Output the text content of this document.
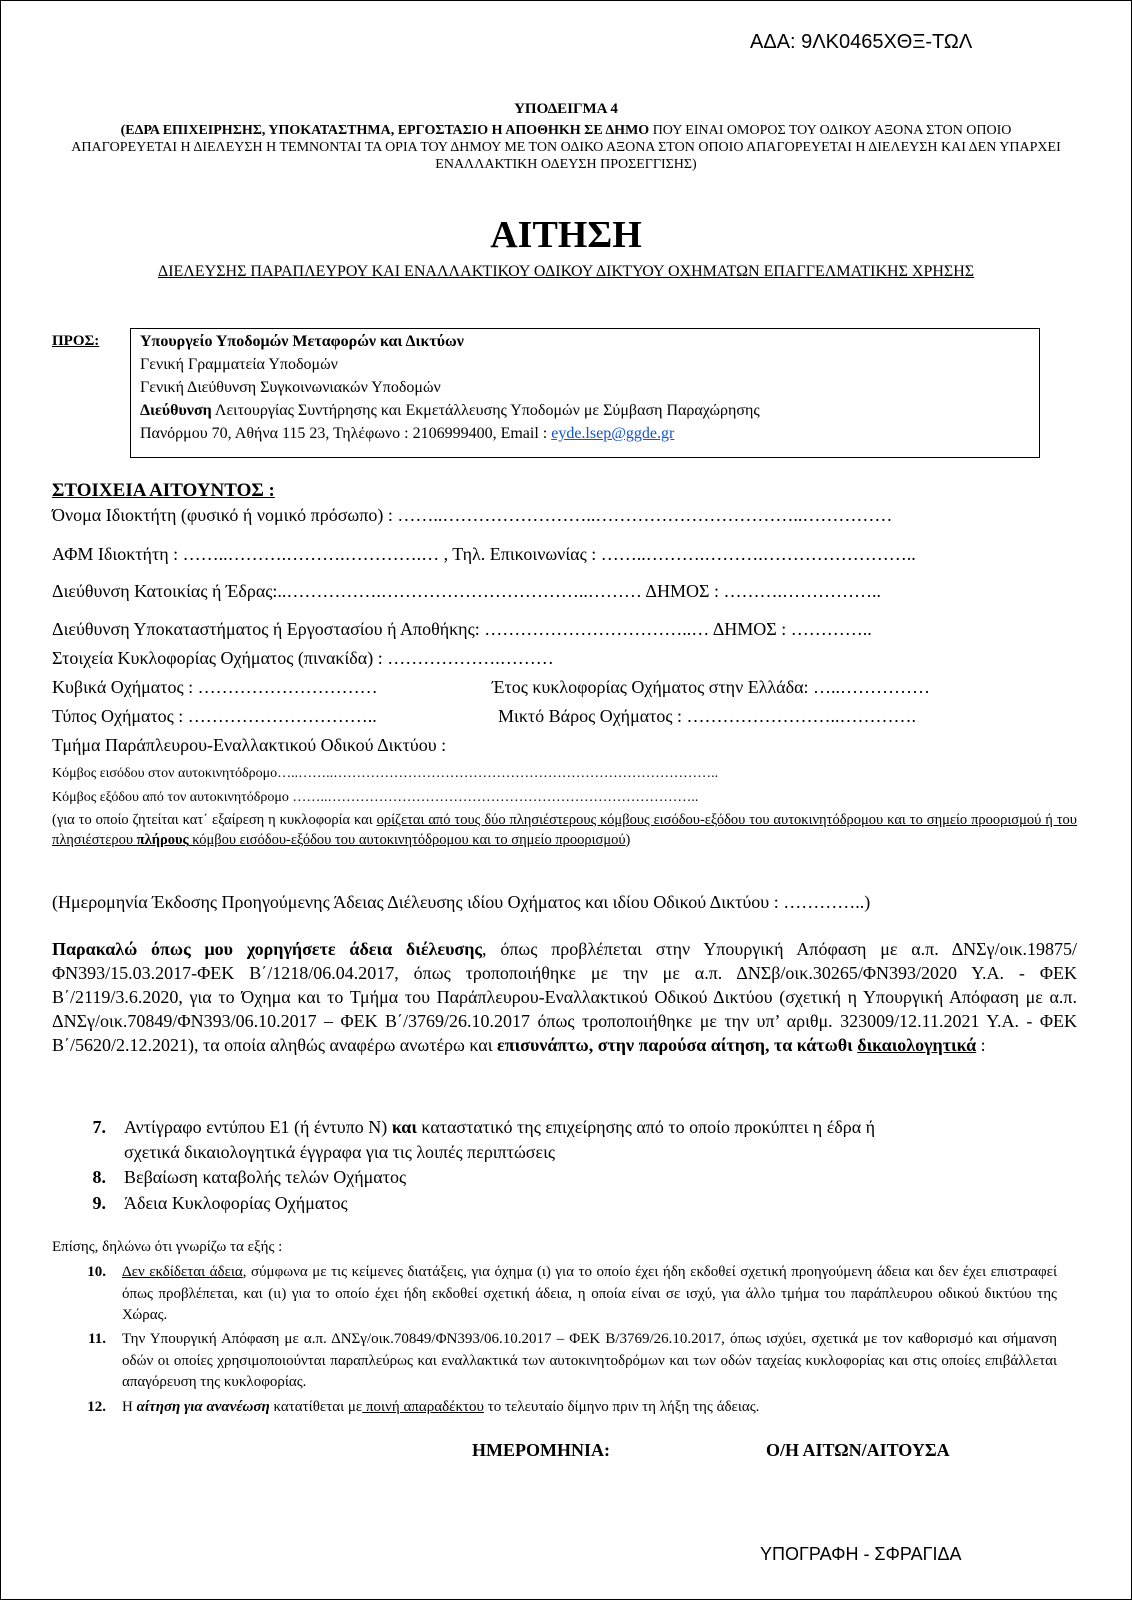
ΑΔΑ: 9ΛΚ0465ΧΘΞ-ΤΩΛ
ΥΠΟΔΕΙΓΜΑ 4
(ΕΔΡΑ ΕΠΙΧΕΙΡΗΣΗΣ, ΥΠΟΚΑΤΑΣΤΗΜΑ, ΕΡΓΟΣΤΑΣΙΟ Η ΑΠΟΘΗΚΗ ΣΕ ΔΗΜΟ ΠΟΥ ΕΙΝΑΙ ΟΜΟΡΟΣ ΤΟΥ ΟΔΙΚΟΥ ΑΞΟΝΑ ΣΤΟΝ ΟΠΟΙΟ ΑΠΑΓΟΡΕΥΕΤΑΙ Η ΔΙΕΛΕΥΣΗ Η ΤΕΜΝΟΝΤΑΙ ΤΑ ΟΡΙΑ ΤΟΥ ΔΗΜΟΥ ΜΕ ΤΟΝ ΟΔΙΚΟ ΑΞΟΝΑ ΣΤΟΝ ΟΠΟΙΟ ΑΠΑΓΟΡΕΥΕΤΑΙ Η ΔΙΕΛΕΥΣΗ ΚΑΙ ΔΕΝ ΥΠΑΡΧΕΙ ΕΝΑΛΛΑΚΤΙΚΗ ΟΔΕΥΣΗ ΠΡΟΣΕΓΓΙΣΗΣ)
ΑΙΤΗΣΗ
ΔΙΕΛΕΥΣΗΣ ΠΑΡΑΠΛΕΥΡΟΥ ΚΑΙ ΕΝΑΛΛΑΚΤΙΚΟΥ ΟΔΙΚΟΥ ΔΙΚΤΥΟΥ ΟΧΗΜΑΤΩΝ ΕΠΑΓΓΕΛΜΑΤΙΚΗΣ ΧΡΗΣΗΣ
ΠΡΟΣ:	Υπουργείο Υποδομών Μεταφορών και Δικτύων
Γενική Γραμματεία Υποδομών
Γενική Διεύθυνση Συγκοινωνιακών Υποδομών
Διεύθυνση Λειτουργίας Συντήρησης και Εκμετάλλευσης Υποδομών με Σύμβαση Παραχώρησης
Πανόρμου 70, Αθήνα 115 23, Τηλέφωνο : 2106999400, Email : eyde.lsep@ggde.gr
ΣΤΟΙΧΕΙΑ ΑΙΤΟΥΝΤΟΣ :
Όνομα Ιδιοκτήτη (φυσικό ή νομικό πρόσωπο) : ……..……………………..……………………………..……………
ΑΦΜ Ιδιοκτήτη : ……..……….……….………….… , Τηλ. Επικοινωνίας : ……..……….……….……………………..
Διεύθυνση Κατοικίας ή Έδρας:..…………….……………………………..……… ΔΗΜΟΣ : ……….……………..
Διεύθυνση Υποκαταστήματος ή Εργοστασίου ή Αποθήκης: ……………………………..… ΔΗΜΟΣ : …………..
Στοιχεία Κυκλοφορίας Οχήματος (πινακίδα) : ……………….………
Κυβικά Οχήματος : …………………………	Έτος κυκλοφορίας Οχήματος στην Ελλάδα: …..……………
Τύπος Οχήματος : …………………………..	Μικτό Βάρος Οχήματος : ……………………..………….
Τμήμα Παράπλευρου-Εναλλακτικού Οδικού Δικτύου :
Κόμβος εισόδου στον αυτοκινητόδρομο…..……..………………………………………………………………………..
Κόμβος εξόδου από τον αυτοκινητόδρομο ……..……………………………………………………………………..
(για το οποίο ζητείται κατ΄ εξαίρεση η κυκλοφορία και ορίζεται από τους δύο πλησιέστερους κόμβους εισόδου-εξόδου του αυτοκινητόδρομου και το σημείο προορισμού ή του πλησιέστερου πλήρους κόμβου εισόδου-εξόδου του αυτοκινητόδρομου και το σημείο προορισμού)
(Ημερομηνία Έκδοσης Προηγούμενης Άδειας Διέλευσης ιδίου Οχήματος και ιδίου Οδικού Δικτύου : …………..)
Παρακαλώ όπως μου χορηγήσετε άδεια διέλευσης, όπως προβλέπεται στην Υπουργική Απόφαση με α.π. ΔΝΣγ/οικ.19875/ΦΝ393/15.03.2017-ΦΕΚ Β΄/1218/06.04.2017, όπως τροποποιήθηκε με την με α.π. ΔΝΣβ/οικ.30265/ΦΝ393/2020 Υ.Α. - ΦΕΚ Β΄/2119/3.6.2020, για το Όχημα και το Τμήμα του Παράπλευρου-Εναλλακτικού Οδικού Δικτύου (σχετική η Υπουργική Απόφαση με α.π. ΔΝΣγ/οικ.70849/ΦΝ393/06.10.2017 – ΦΕΚ Β΄/3769/26.10.2017 όπως τροποποιήθηκε με την υπ’ αριθμ. 323009/12.11.2021 Υ.Α. - ΦΕΚ Β΄/5620/2.12.2021), τα οποία αληθώς αναφέρω ανωτέρω και επισυνάπτω, στην παρούσα αίτηση, τα κάτωθι δικαιολογητικά :
7. Αντίγραφο εντύπου Ε1 (ή έντυπο Ν) και καταστατικό της επιχείρησης από το οποίο προκύπτει η έδρα ή
σχετικά δικαιολογητικά έγγραφα για τις λοιπές περιπτώσεις
8. Βεβαίωση καταβολής τελών Οχήματος
9. Άδεια Κυκλοφορίας Οχήματος
Επίσης, δηλώνω ότι γνωρίζω τα εξής :
10. Δεν εκδίδεται άδεια, σύμφωνα με τις κείμενες διατάξεις, για όχημα (ι) για το οποίο έχει ήδη εκδοθεί σχετική προηγούμενη άδεια και δεν έχει επιστραφεί όπως προβλέπεται, και (ιι) για το οποίο έχει ήδη εκδοθεί σχετική άδεια, η οποία είναι σε ισχύ, για άλλο τμήμα του παράπλευρου οδικού δικτύου της Χώρας.
11. Την Υπουργική Απόφαση με α.π. ΔΝΣγ/οικ.70849/ΦΝ393/06.10.2017 – ΦΕΚ Β/3769/26.10.2017, όπως ισχύει, σχετικά με τον καθορισμό και σήμανση οδών οι οποίες χρησιμοποιούνται παραπλεύρως και εναλλακτικά των αυτοκινητοδρόμων και των οδών ταχείας κυκλοφορίας και στις οποίες επιβάλλεται απαγόρευση της κυκλοφορίας.
12. Η αίτηση για ανανέωση κατατίθεται με ποινή απαραδέκτου το τελευταίο δίμηνο πριν τη λήξη της άδειας.
ΗΜΕΡΟΜΗΝΙΑ:	Ο/Η ΑΙΤΩΝ/ΑΙΤΟΥΣΑ
ΥΠΟΓΡΑΦΗ - ΣΦΡΑΓΙΔΑ
